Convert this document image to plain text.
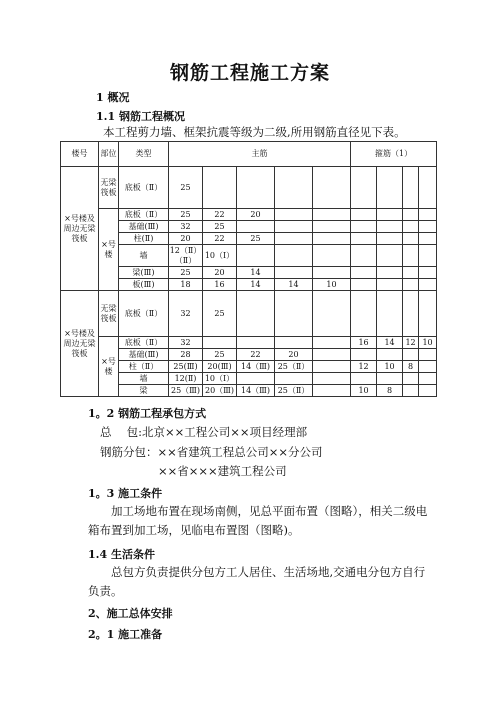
钢筋工程施工方案
1 概况
1.1 钢筋工程概况
本工程剪力墙、框架抗震等级为二级,所用钢筋直径见下表。
楼号	部位	类型	主筋					箍筋（1）			
×号楼及周边无梁筏板	无梁筏板	底板（Ⅱ）	25								
	×号楼	底板（Ⅱ）	25	22	20						
		基础(Ⅲ)	32	25							
		柱(Ⅱ)	20	22	25						
		墙	12（Ⅱ）（Ⅱ）	10（Ⅰ）							
		梁(Ⅲ)	25	20	14						
		板(Ⅲ)	18	16	14	14	10				
×号楼及周边无梁筏板	无梁筏板	底板（Ⅱ）	32	25							
	×号楼	底板（Ⅱ）	32					16	14	12	10
		基础(Ⅲ)	28	25	22	20					
		柱（Ⅱ）	25(Ⅲ)	20(Ⅲ)	14（Ⅲ)	25（Ⅱ）		12	10	8	
		墙	12(Ⅱ)	10（Ⅰ）							
		梁	25（Ⅲ)	20（Ⅲ)	14（Ⅲ)	25（Ⅱ）		10	8		
1。2 钢筋工程承包方式
总　 包:北京××工程公司××项目经理部
钢筋分包：××省建筑工程总公司××分公司
××省×××建筑工程公司
1。3 施工条件
加工场地布置在现场南侧，见总平面布置（图略），相关二级电箱布置到加工场，见临电布置图（图略)。
1.4 生活条件
总包方负责提供分包方工人居住、生活场地,交通电分包方自行负责。
2、施工总体安排
2。1 施工准备
